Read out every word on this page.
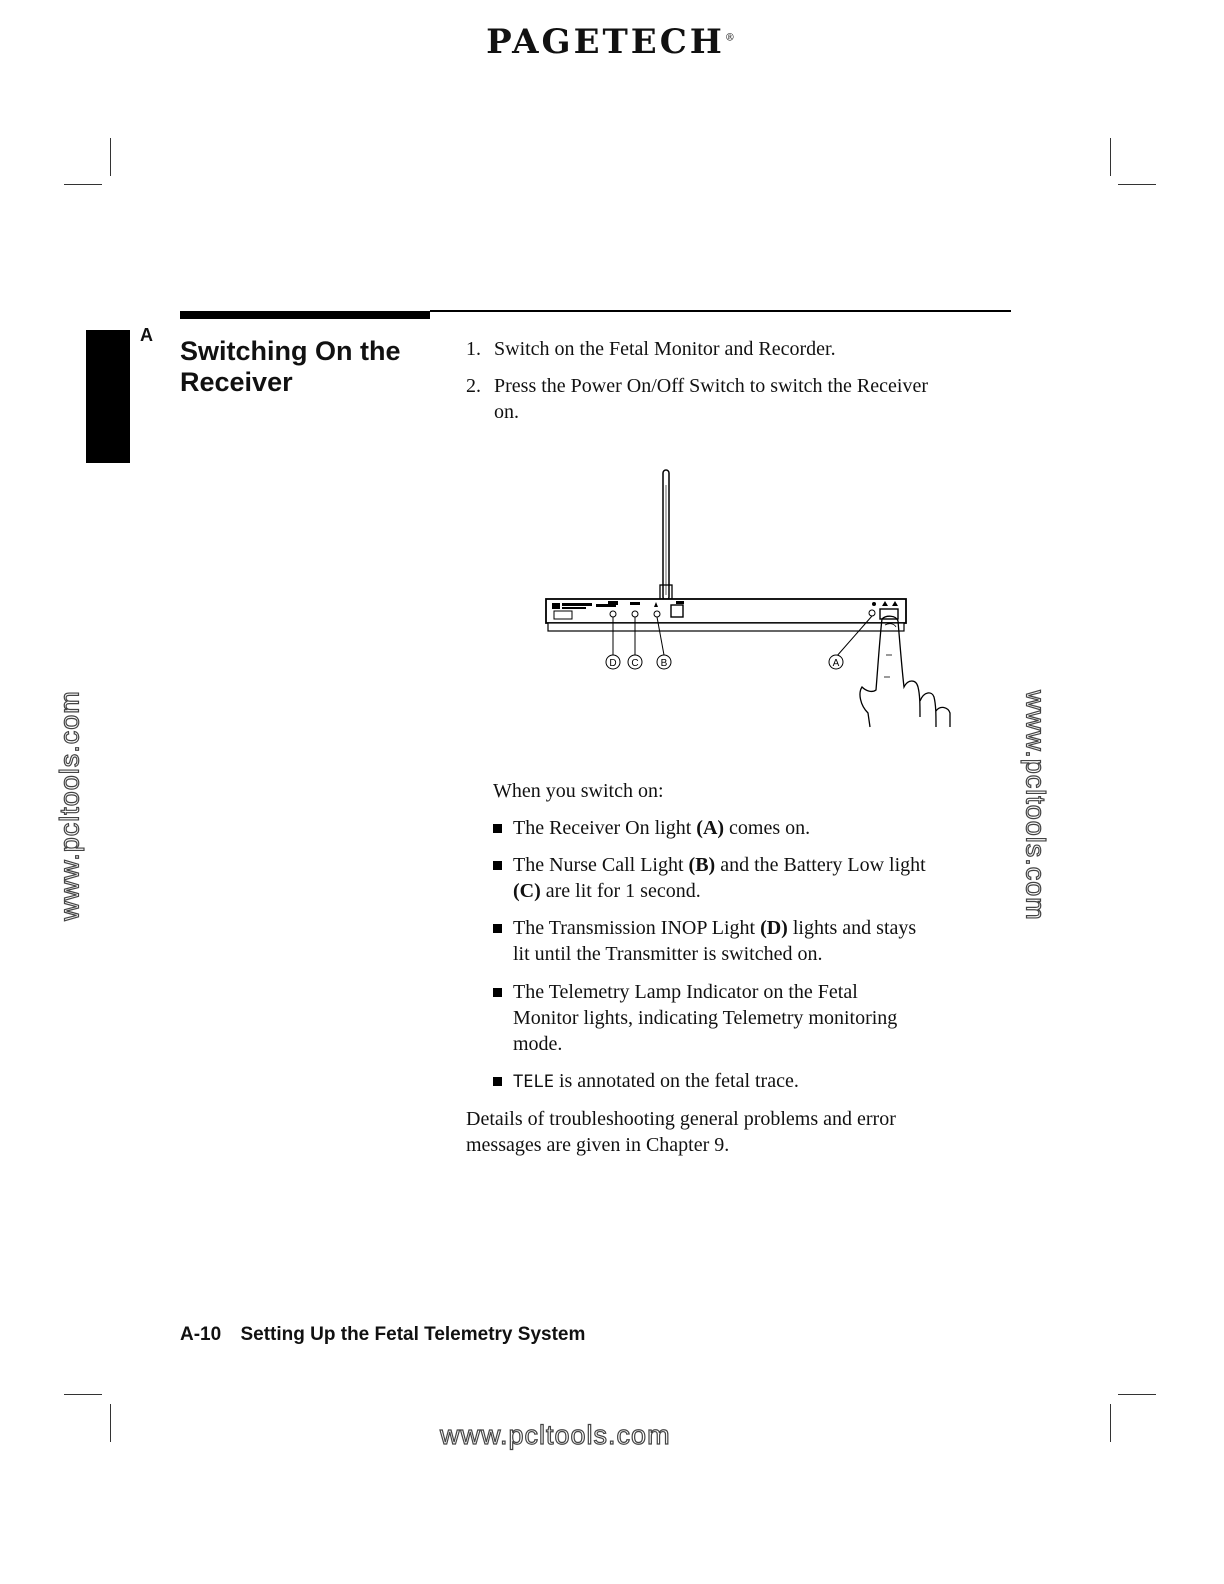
PAGETECH®
A
Switching On the Receiver
1. Switch on the Fetal Monitor and Recorder.
2. Press the Power On/Off Switch to switch the Receiver
on.
D C B	A
When you switch on:
The Receiver On light (A) comes on.
The Nurse Call Light (B) and the Battery Low light
(C) are lit for 1 second.
The Transmission INOP Light (D) lights and stays
lit until the Transmitter is switched on.
The Telemetry Lamp Indicator on the Fetal
Monitor lights, indicating Telemetry monitoring
mode.
TELE is annotated on the fetal trace.
Details of troubleshooting general problems and error
messages are given in Chapter 9.
A-10 Setting Up the Fetal Telemetry System
www.pcltools.com	www.pcltools.com
www.pcltools.com
